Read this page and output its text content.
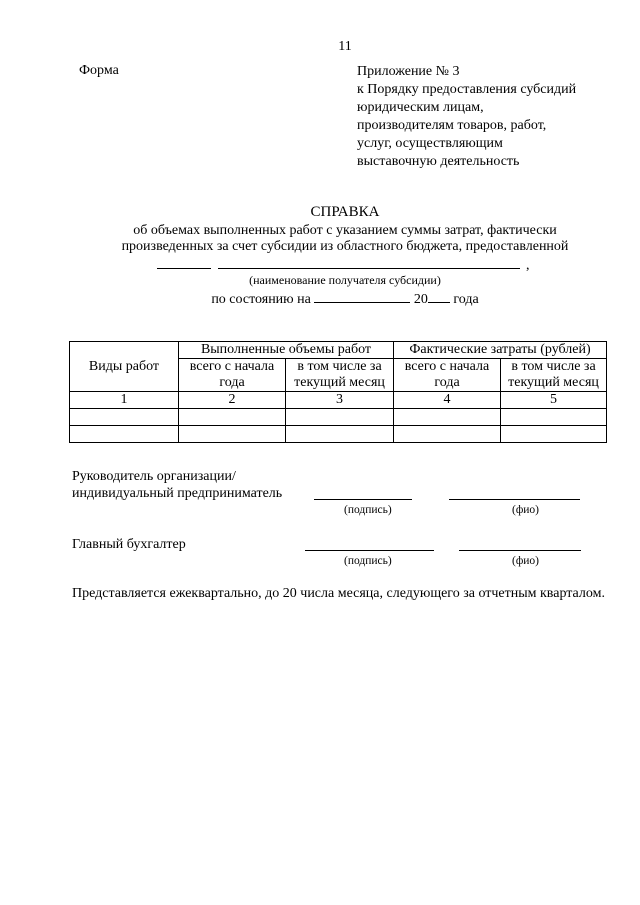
11
Форма	Приложение № 3
к Порядку предоставления субсидий
юридическим лицам,
производителям товаров, работ,
услуг, осуществляющим
выставочную деятельность
СПРАВКА
об объемах выполненных работ с указанием суммы затрат, фактически
произведенных за счет субсидии из областного бюджета, предоставленной
,
(наименование получателя субсидии)
по состоянию на	20 года
Виды работ	Выполненные объемы работ		Фактические затраты (рублей)	
	всего с начала года	в том числе за текущий месяц	всего с начала года	в том числе за текущий месяц
1	2	3	4	5

Руководитель организации/
индивидуальный предприниматель
(подпись)	(фио)
Главный бухгалтер
(подпись)	(фио)
Представляется ежеквартально, до 20 числа месяца, следующего за отчетным кварталом.
